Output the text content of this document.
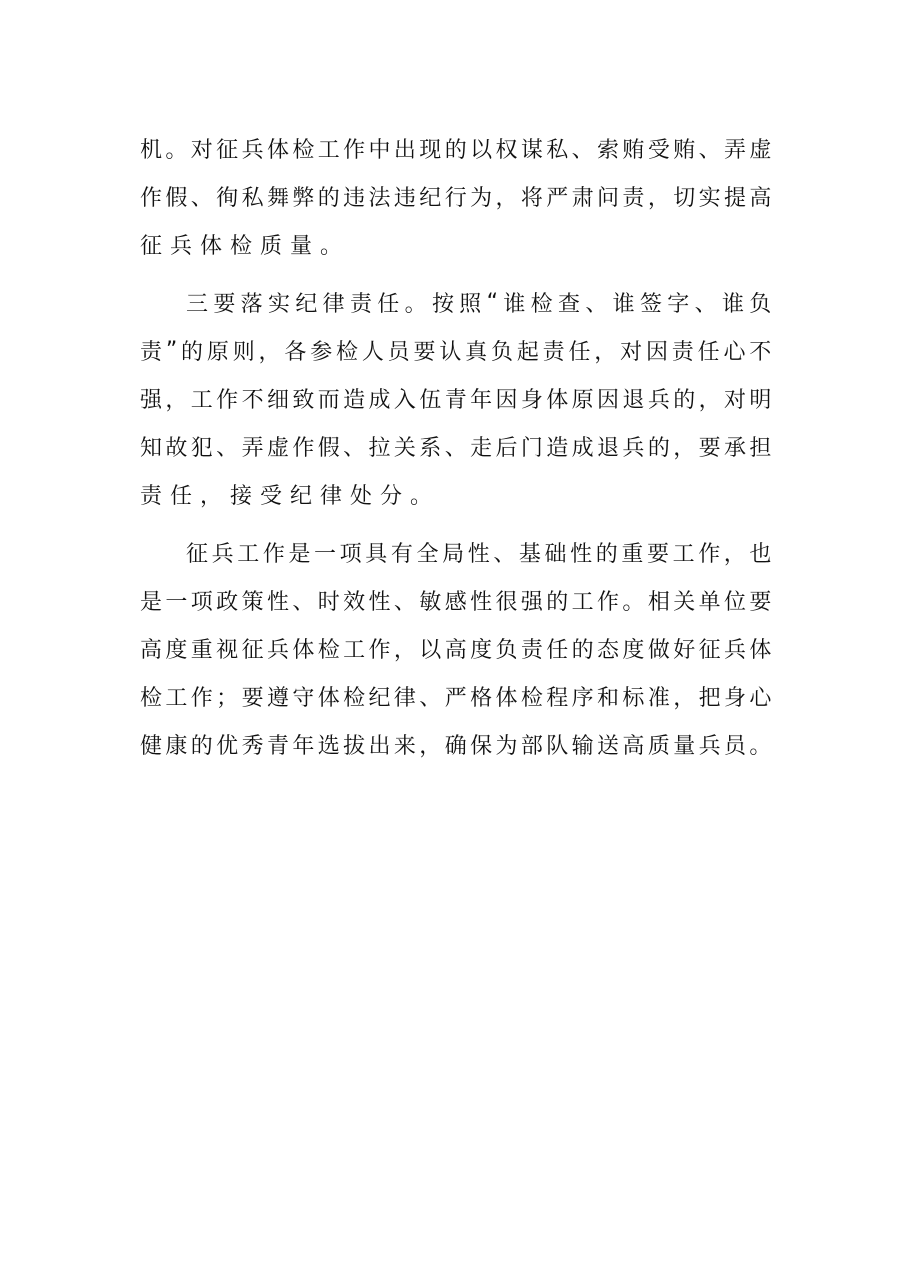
机 。 对 征 兵 体 检 工 作 中 出 现 的 以 权 谋 私 、 索 贿 受 贿 、 弄 虚
作 假 、 徇 私 舞 弊 的 违 法 违 纪 行 为 ， 将 严 肃 问 责 ， 切 实 提 高
征兵体检质量。
三 要 落 实 纪 律 责 任 。 按 照 “ 谁 检 查 、 谁 签 字 、 谁 负
责 ” 的 原 则 ， 各 参 检 人 员 要 认 真 负 起 责 任 ， 对 因 责 任 心 不
强 ， 工 作 不 细 致 而 造 成 入 伍 青 年 因 身 体 原 因 退 兵 的 ， 对 明
知 故 犯 、 弄 虚 作 假 、 拉 关 系 、 走 后 门 造 成 退 兵 的 ， 要 承 担
责任，接受纪律处分。
征 兵 工 作 是 一 项 具 有 全 局 性 、 基 础 性 的 重 要 工 作 ， 也
是 一 项 政 策 性 、 时 效 性 、 敏 感 性 很 强 的 工 作 。 相 关 单 位 要
高 度 重 视 征 兵 体 检 工 作 ， 以 高 度 负 责 任 的 态 度 做 好 征 兵 体
检 工 作 ； 要 遵 守 体 检 纪 律 、 严 格 体 检 程 序 和 标 准 ， 把 身 心
健 康 的 优 秀 青 年 选 拔 出 来 ， 确 保 为 部 队 输 送 高 质 量 兵 员 。
